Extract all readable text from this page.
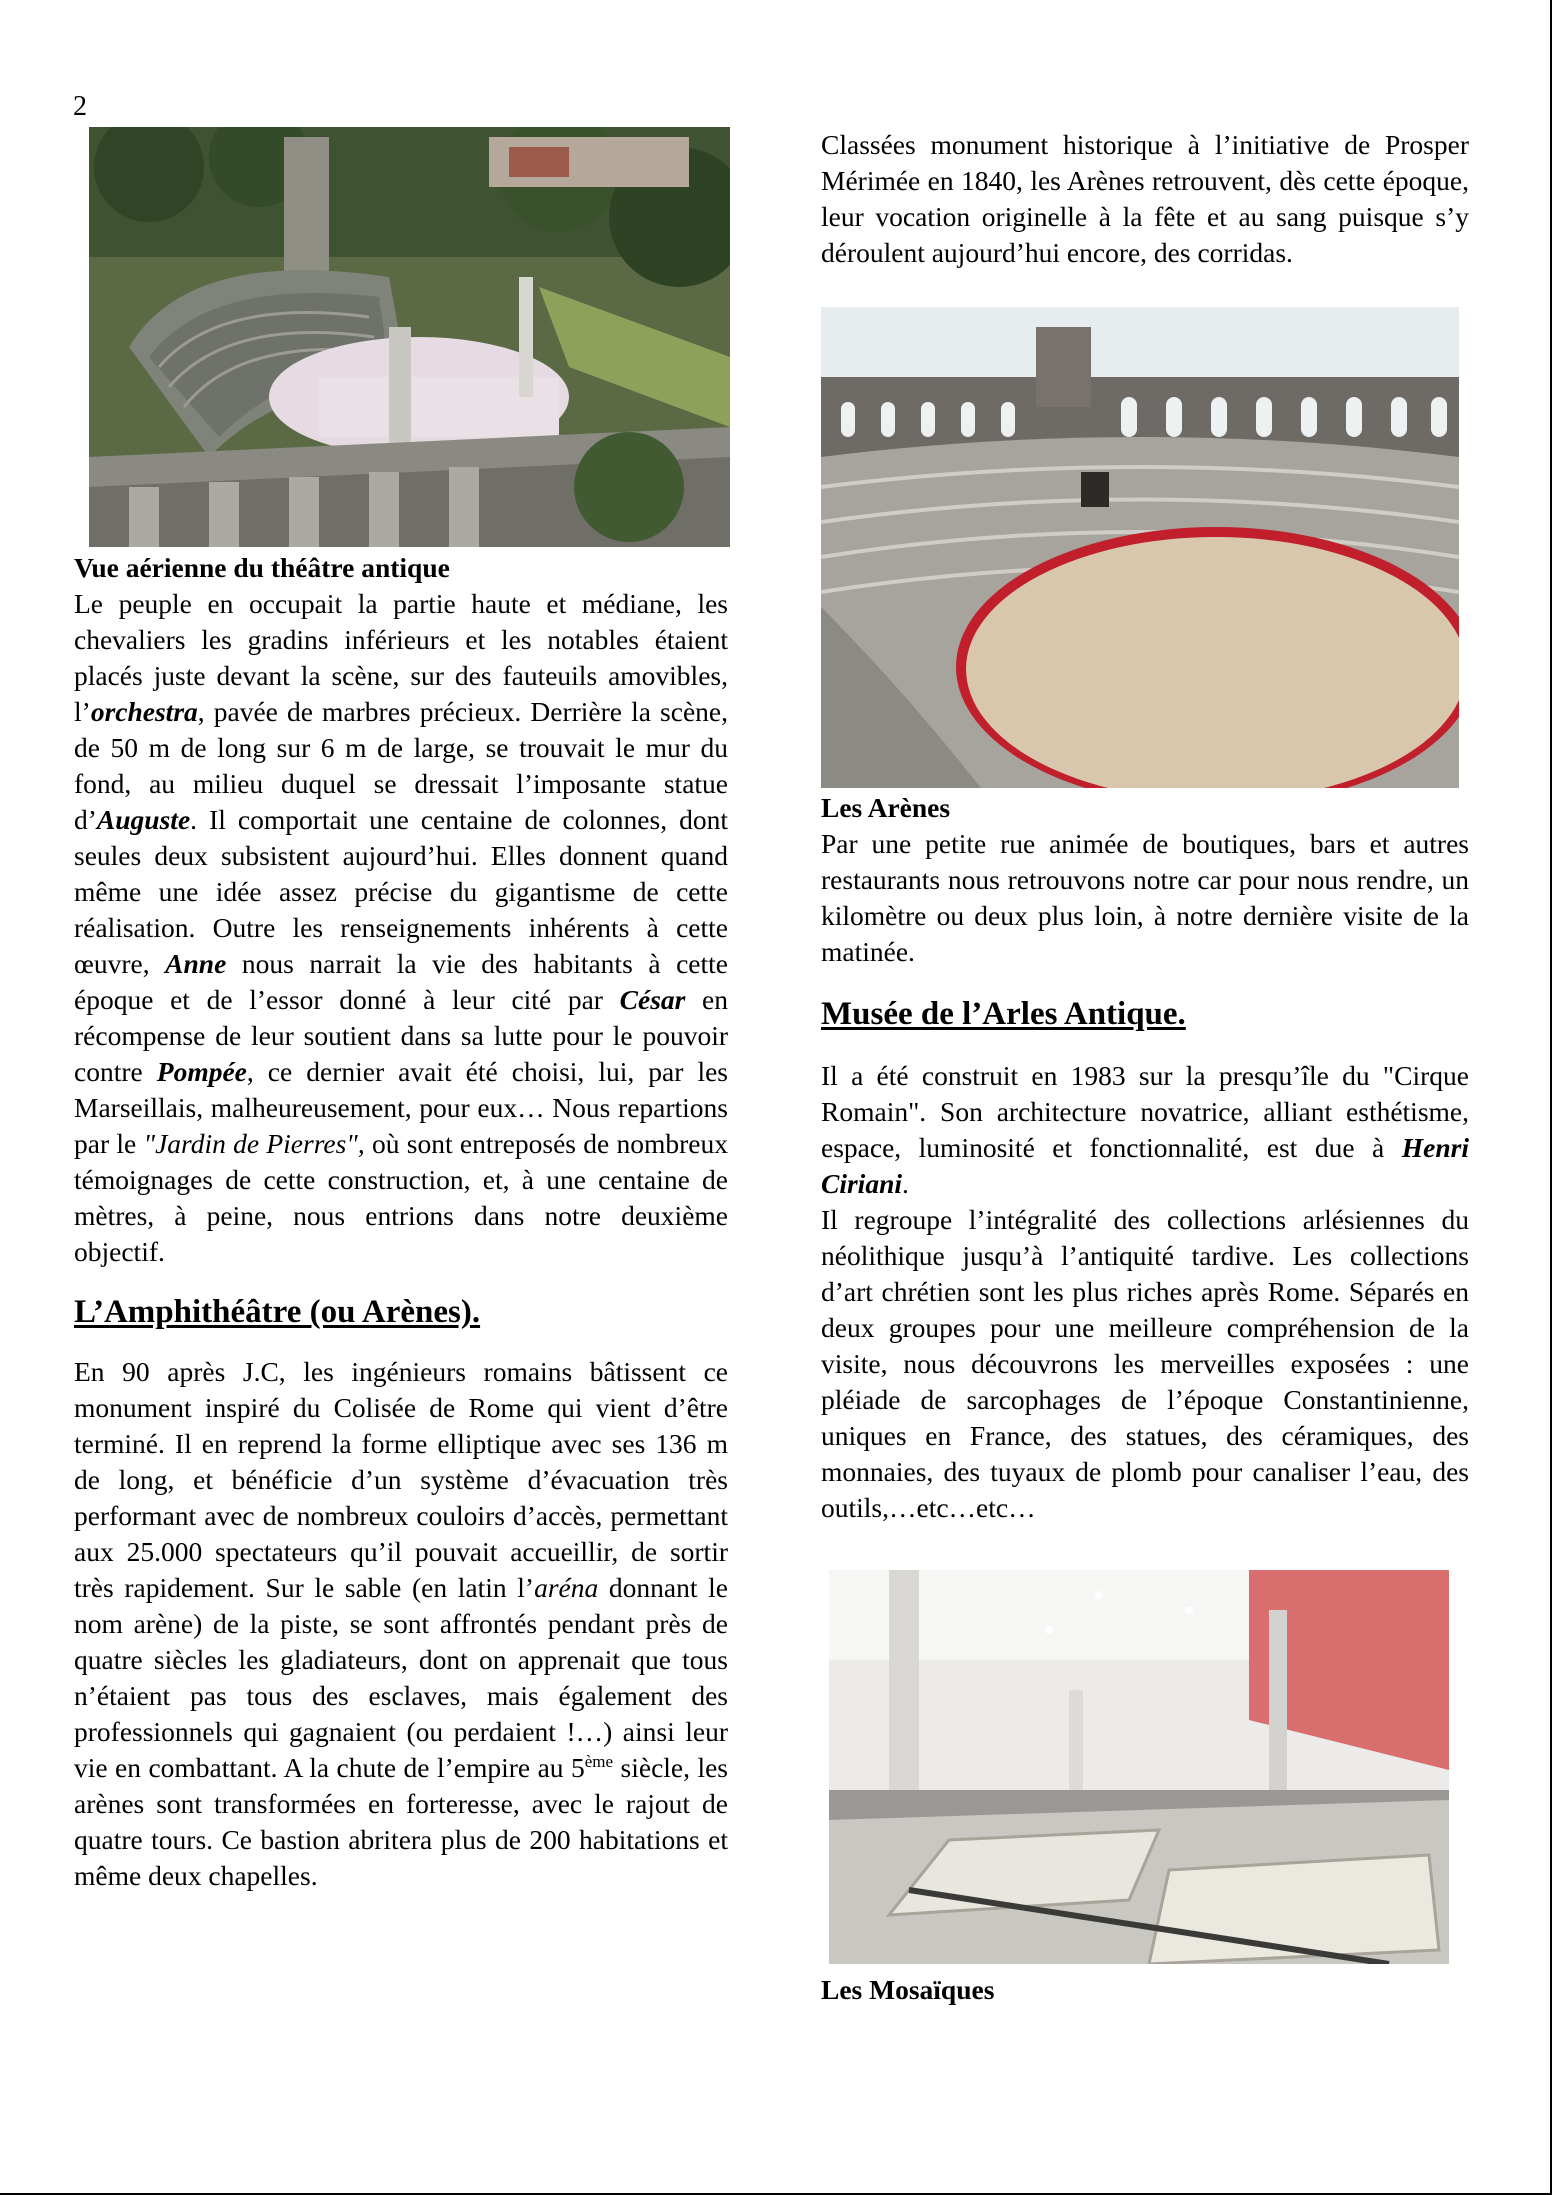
2
Vue aérienne du théâtre antique

Le peuple en occupait la partie haute et médiane, les chevaliers les gradins inférieurs et les notables étaient placés juste devant la scène, sur des fauteuils amovibles, l’orchestra, pavée de marbres précieux. Derrière la scène, de 50 m de long sur 6 m de large, se trouvait le mur du fond, au milieu duquel se dressait l’imposante statue d’Auguste. Il comportait une centaine de colonnes, dont seules deux subsistent aujourd’hui. Elles donnent quand même une idée assez précise du gigantisme de cette réalisation. Outre les renseignements inhérents à cette œuvre, Anne nous narrait la vie des habitants à cette époque et de l’essor donné à leur cité par César en récompense de leur soutient dans sa lutte pour le pouvoir contre Pompée, ce dernier avait été choisi, lui, par les Marseillais, malheureusement, pour eux… Nous repartions par le "Jardin de Pierres", où sont entreposés de nombreux témoignages de cette construction, et, à une centaine de mètres, à peine, nous entrions dans notre deuxième objectif.

L’Amphithéâtre (ou Arènes).

En 90 après J.C, les ingénieurs romains bâtissent ce monument inspiré du Colisée de Rome qui vient d’être terminé. Il en reprend la forme elliptique avec ses 136 m de long, et bénéficie d’un système d’évacuation très performant avec de nombreux couloirs d’accès, permettant aux 25.000 spectateurs qu’il pouvait accueillir, de sortir très rapidement. Sur le sable (en latin l’aréna donnant le nom arène) de la piste, se sont affrontés pendant près de quatre siècles les gladiateurs, dont on apprenait que tous n’étaient pas tous des esclaves, mais également des professionnels qui gagnaient (ou perdaient !…) ainsi leur vie en combattant. A la chute de l’empire au 5ème siècle, les arènes sont transformées en forteresse, avec le rajout de quatre tours. Ce bastion abritera plus de 200 habitations et même deux chapelles.

Classées monument historique à l’initiative de Prosper Mérimée en 1840, les Arènes retrouvent, dès cette époque, leur vocation originelle à la fête et au sang puisque s’y déroulent aujourd’hui encore, des corridas.

Les Arènes

Par une petite rue animée de boutiques, bars et autres restaurants nous retrouvons notre car pour nous rendre, un kilomètre ou deux plus loin, à notre dernière visite de la matinée.

Musée de l’Arles Antique.

Il a été construit en 1983 sur la presqu’île du "Cirque Romain". Son architecture novatrice, alliant esthétisme, espace, luminosité et fonctionnalité, est due à Henri Ciriani.

Il regroupe l’intégralité des collections arlésiennes du néolithique jusqu’à l’antiquité tardive. Les collections d’art chrétien sont les plus riches après Rome. Séparés en deux groupes pour une meilleure compréhension de la visite, nous découvrons les merveilles exposées : une pléiade de sarcophages de l’époque Constantinienne, uniques en France, des statues, des céramiques, des monnaies, des tuyaux de plomb pour canaliser l’eau, des outils,…etc…etc…

Les Mosaïques
